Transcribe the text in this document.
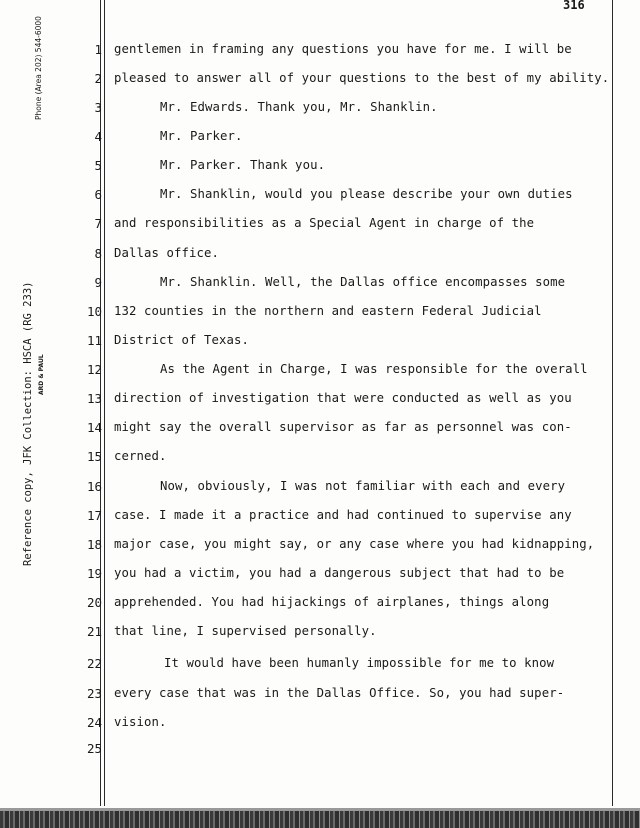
316
Phone (Area 202) 544-6000
Reference copy, JFK Collection: HSCA (RG 233) ARD & PAUL
1 gentlemen in framing any questions you have for me. I will be
2 pleased to answer all of your questions to the best of my ability.
3	Mr. Edwards. Thank you, Mr. Shanklin.
4	Mr. Parker.
5	Mr. Parker. Thank you.
6	Mr. Shanklin, would you please describe your own duties
7 and responsibilities as a Special Agent in charge of the
8 Dallas office.
9	Mr. Shanklin. Well, the Dallas office encompasses some
10 132 counties in the northern and eastern Federal Judicial
11 District of Texas.
12	As the Agent in Charge, I was responsible for the overall
13 direction of investigation that were conducted as well as you
14 might say the overall supervisor as far as personnel was con-
15 cerned.
16	Now, obviously, I was not familiar with each and every
17 case. I made it a practice and had continued to supervise any
18 major case, you might say, or any case where you had kidnapping,
19 you had a victim, you had a dangerous subject that had to be
20 apprehended. You had hijackings of airplanes, things along
21 that line, I supervised personally.
22	It would have been humanly impossible for me to know
23 every case that was in the Dallas Office. So, you had super-
24 vision.
25
